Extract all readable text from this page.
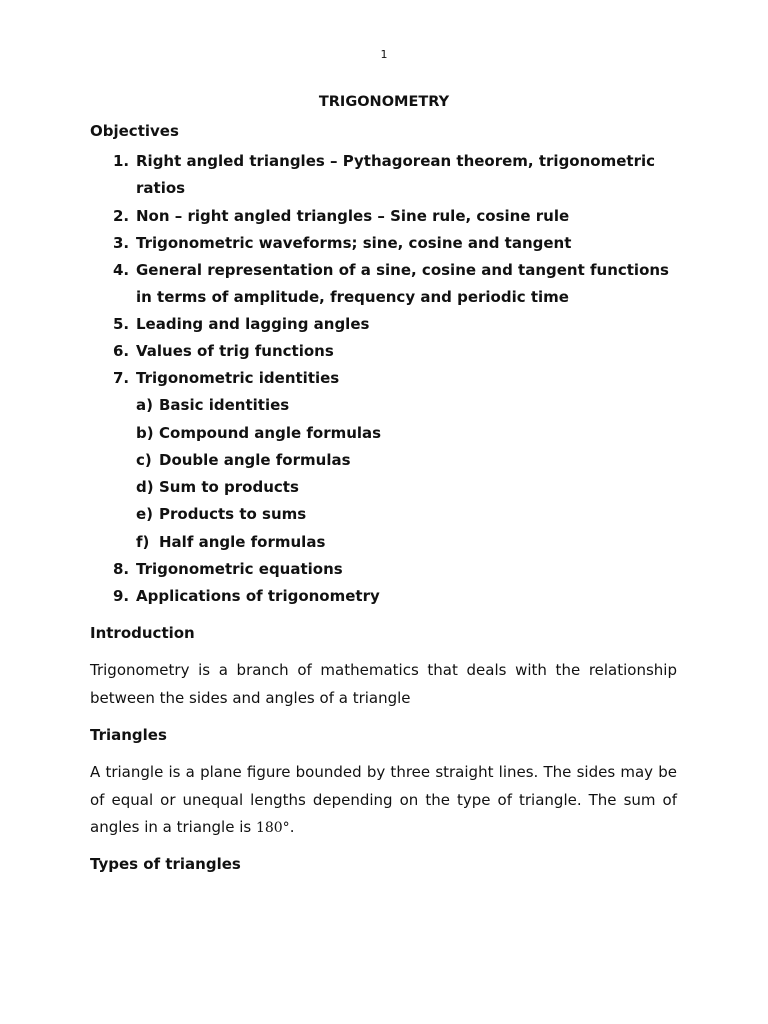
1
TRIGONOMETRY
Objectives
1. Right angled triangles – Pythagorean theorem, trigonometric
ratios
2. Non – right angled triangles – Sine rule, cosine rule
3. Trigonometric waveforms; sine, cosine and tangent
4. General representation of a sine, cosine and tangent functions
in terms of amplitude, frequency and periodic time
5. Leading and lagging angles
6. Values of trig functions
7. Trigonometric identities
a) Basic identities
b) Compound angle formulas
c) Double angle formulas
d) Sum to products
e) Products to sums
f) Half angle formulas
8. Trigonometric equations
9. Applications of trigonometry
Introduction
Trigonometry is a branch of mathematics that deals with the relationship
between the sides and angles of a triangle
Triangles
A triangle is a plane figure bounded by three straight lines. The sides may be
of equal or unequal lengths depending on the type of triangle. The sum of
angles in a triangle is 180°.
Types of triangles
